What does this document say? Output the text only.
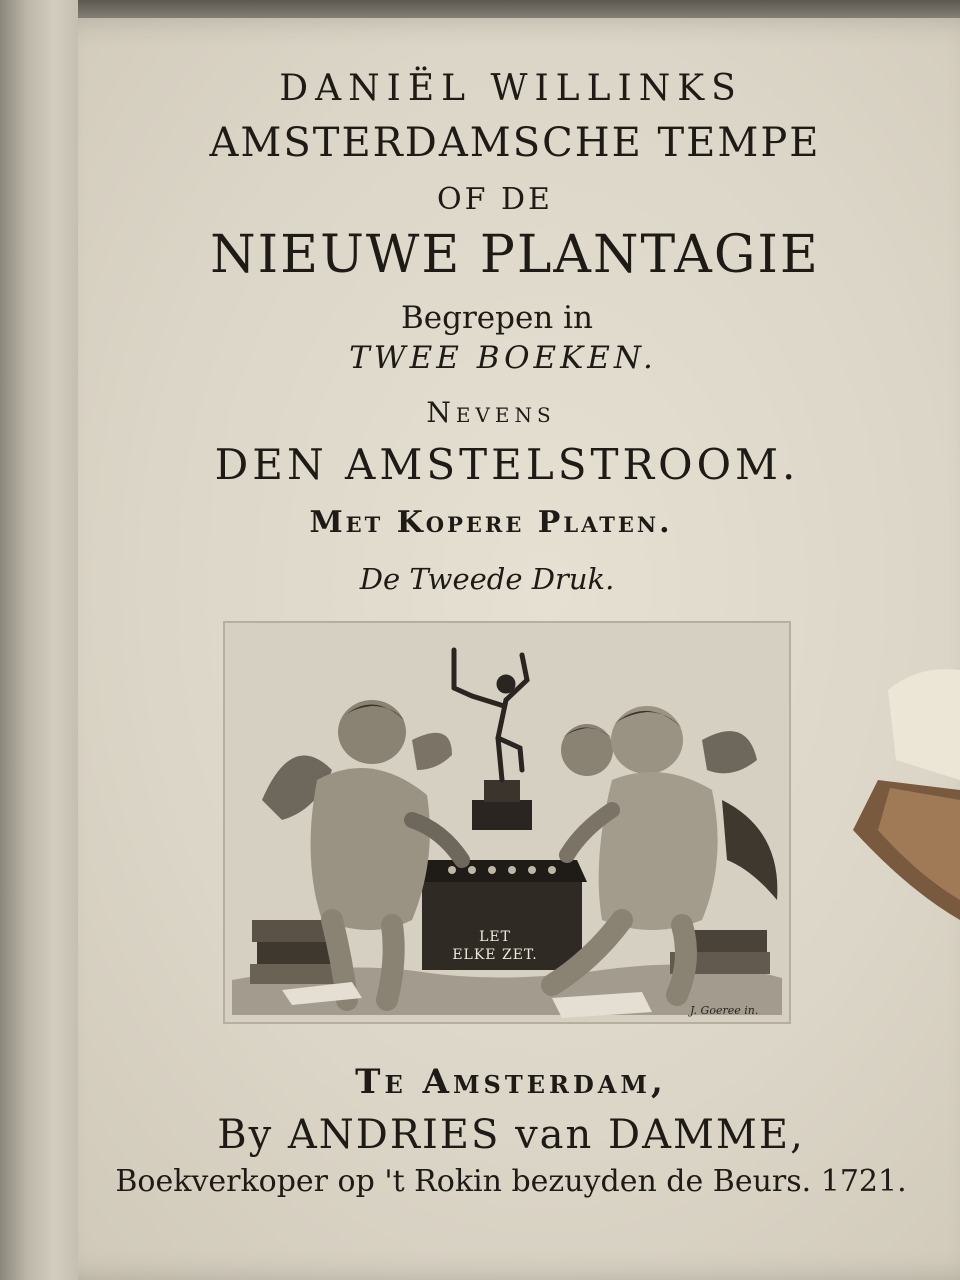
DANIËL WILLINKS

AMSTERDAMSCHE TEMPE

OF DE

NIEUWE PLANTAGIE

Begrepen in

TWEE BOEKEN.

Nevens

DEN AMSTELSTROOM.

Met Kopere Platen.

De Tweede Druk.

LET
ELKE ZET.
J. Goeree in.

Te Amsterdam,

By ANDRIES van DAMME,

Boekverkoper op 't Rokin bezuyden de Beurs. 1721.
